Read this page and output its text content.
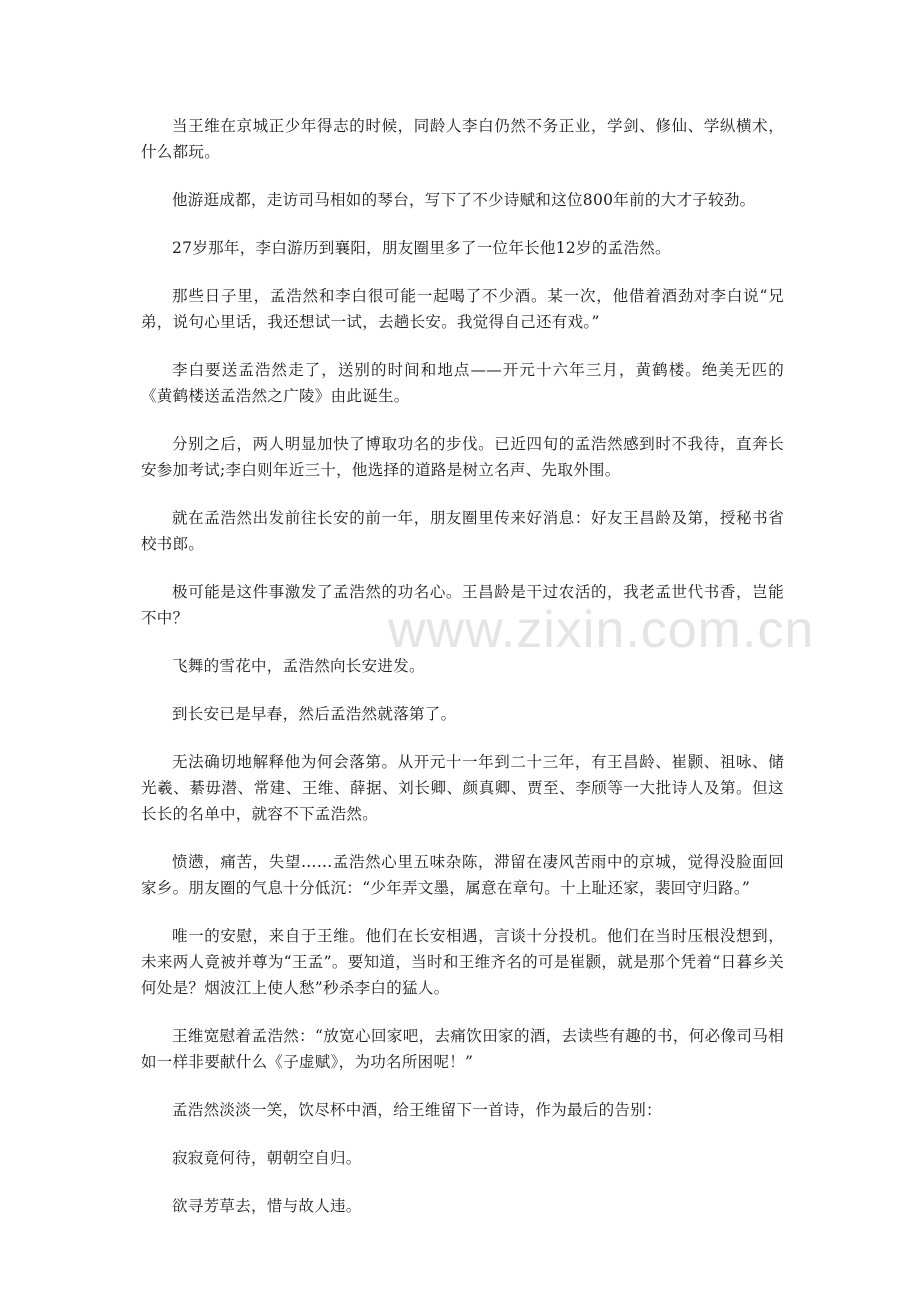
当王维在京城正少年得志的时候，同龄人李白仍然不务正业，学剑、修仙、学纵横术，什么都玩。

他游逛成都，走访司马相如的琴台，写下了不少诗赋和这位800年前的大才子较劲。

27岁那年，李白游历到襄阳，朋友圈里多了一位年长他12岁的孟浩然。

那些日子里，孟浩然和李白很可能一起喝了不少酒。某一次，他借着酒劲对李白说“兄弟，说句心里话，我还想试一试，去趟长安。我觉得自己还有戏。”

李白要送孟浩然走了，送别的时间和地点——开元十六年三月，黄鹤楼。绝美无匹的《黄鹤楼送孟浩然之广陵》由此诞生。

分别之后，两人明显加快了博取功名的步伐。已近四旬的孟浩然感到时不我待，直奔长安参加考试;李白则年近三十，他选择的道路是树立名声、先取外围。

就在孟浩然出发前往长安的前一年，朋友圈里传来好消息：好友王昌龄及第，授秘书省校书郎。

极可能是这件事激发了孟浩然的功名心。王昌龄是干过农活的，我老孟世代书香，岂能不中？

飞舞的雪花中，孟浩然向长安进发。

到长安已是早春，然后孟浩然就落第了。

无法确切地解释他为何会落第。从开元十一年到二十三年，有王昌龄、崔颢、祖咏、储光羲、綦毋潜、常建、王维、薛据、刘长卿、颜真卿、贾至、李颀等一大批诗人及第。但这长长的名单中，就容不下孟浩然。

愤懑，痛苦，失望……孟浩然心里五味杂陈，滞留在凄风苦雨中的京城，觉得没脸面回家乡。朋友圈的气息十分低沉：“少年弄文墨，属意在章句。十上耻还家，裴回守归路。”

唯一的安慰，来自于王维。他们在长安相遇，言谈十分投机。他们在当时压根没想到，未来两人竟被并尊为“王孟”。要知道，当时和王维齐名的可是崔颢，就是那个凭着“日暮乡关何处是？烟波江上使人愁”秒杀李白的猛人。

王维宽慰着孟浩然：“放宽心回家吧，去痛饮田家的酒，去读些有趣的书，何必像司马相如一样非要献什么《子虚赋》，为功名所困呢！”

孟浩然淡淡一笑，饮尽杯中酒，给王维留下一首诗，作为最后的告别：

寂寂竟何待，朝朝空自归。

欲寻芳草去，惜与故人违。

www.zixin.com.cn
